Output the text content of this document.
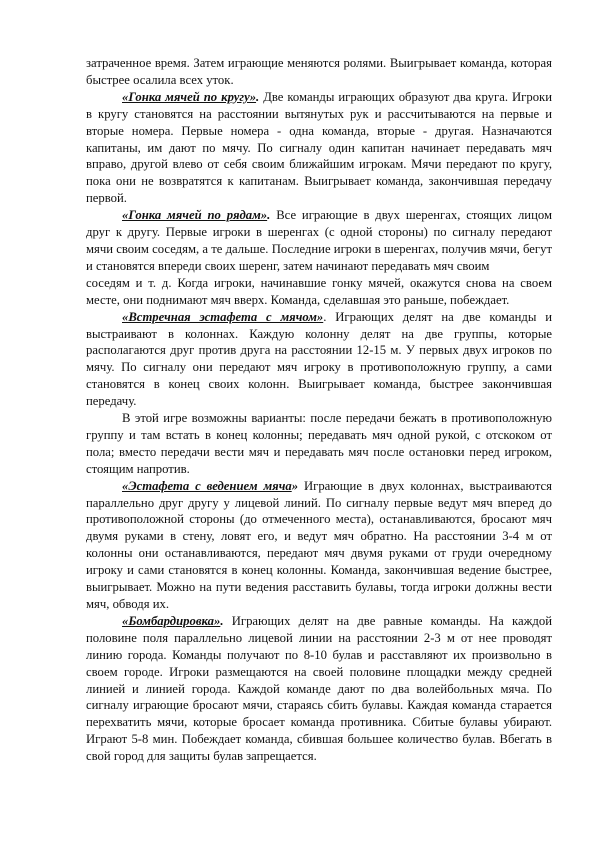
затраченное время. Затем играющие меняются ролями. Выигрывает команда, которая быстрее осалила всех уток.

«Гонка мячей по кругу». Две команды играющих образуют два круга. Игроки в кругу становятся на расстоянии вытянутых рук и рассчитываются на первые и вторые номера. Первые номера - одна команда, вторые - другая. Назначаются капитаны, им дают по мячу. По сигналу один капитан начинает передавать мяч вправо, другой влево от себя своим ближайшим игрокам. Мячи передают по кругу, пока они не возвратятся к капитанам. Выигрывает команда, закончившая передачу первой.

«Гонка мячей по рядам». Все играющие в двух шеренгах, стоящих лицом друг к другу. Первые игроки в шеренгах (с одной стороны) по сигналу передают мячи своим соседям, а те дальше. Последние игроки в шеренгах, получив мячи, бегут и становятся впереди своих шеренг, затем начинают передавать мяч своим

соседям и т. д. Когда игроки, начинавшие гонку мячей, окажутся снова на своем месте, они поднимают мяч вверх. Команда, сделавшая это раньше, побеждает.

«Встречная эстафета с мячом». Играющих делят на две команды и выстраивают в колоннах. Каждую колонну делят на две группы, которые располагаются друг против друга на расстоянии 12-15 м. У первых двух игроков по мячу. По сигналу они передают мяч игроку в противоположную группу, а сами становятся в конец своих колонн. Выигрывает команда, быстрее закончившая передачу.

В этой игре возможны варианты: после передачи бежать в противоположную группу и там встать в конец колонны; передавать мяч одной рукой, с отскоком от пола; вместо передачи вести мяч и передавать мяч после остановки перед игроком, стоящим напротив.

«Эстафета с ведением мяча» Играющие в двух колоннах, выстраиваются параллельно друг другу у лицевой линий. По сигналу первые ведут мяч вперед до противоположной стороны (до отмеченного места), останавливаются, бросают мяч двумя руками в стену, ловят его, и ведут мяч обратно. На расстоянии 3-4 м от колонны они останавливаются, передают мяч двумя руками от груди очередному игроку и сами становятся в конец колонны. Команда, закончившая ведение быстрее, выигрывает. Можно на пути ведения расставить булавы, тогда игроки должны вести мяч, обводя их.

«Бомбардировка». Играющих делят на две равные команды. На каждой половине поля параллельно лицевой линии на расстоянии 2-3 м от нее проводят линию города. Команды получают по 8-10 булав и расставляют их произвольно в своем городе. Игроки размещаются на своей половине площадки между средней линией и линией города. Каждой команде дают по два волейбольных мяча. По сигналу играющие бросают мячи, стараясь сбить булавы. Каждая команда старается перехватить мячи, которые бросает команда противника. Сбитые булавы убирают. Играют 5-8 мин. Побеждает команда, сбившая большее количество булав. Вбегать в свой город для защиты булав запрещается.
